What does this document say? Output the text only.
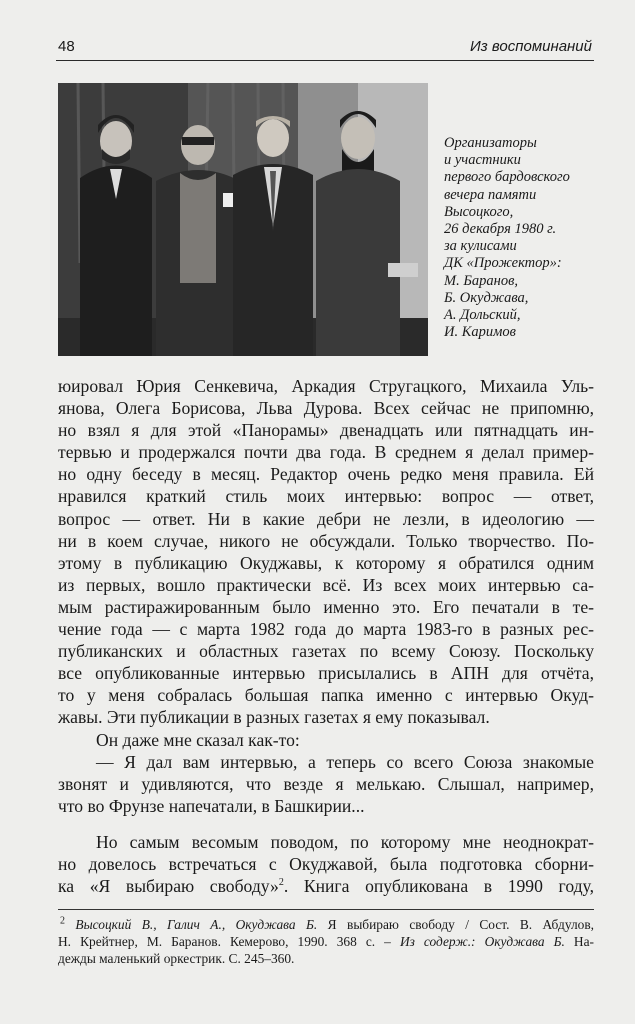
48	Из воспоминаний
Организаторы
и участники
первого бардовского
вечера памяти
Высоцкого,
26 декабря 1980 г.
за кулисами
ДК «Прожектор»:
М. Баранов,
Б. Окуджава,
А. Дольский,
И. Каримов
юировал Юрия Сенкевича, Аркадия Стругацкого, Михаила Уль-
янова, Олега Борисова, Льва Дурова. Всех сейчас не припомню,
но взял я для этой «Панорамы» двенадцать или пятнадцать ин-
тервью и продержался почти два года. В среднем я делал пример-
но одну беседу в месяц. Редактор очень редко меня правила. Ей
нравился краткий стиль моих интервью: вопрос — ответ,
вопрос — ответ. Ни в какие дебри не лезли, в идеологию —
ни в коем случае, никого не обсуждали. Только творчество. По-
этому в публикацию Окуджавы, к которому я обратился одним
из первых, вошло практически всё. Из всех моих интервью са-
мым растиражированным было именно это. Его печатали в те-
чение года — с марта 1982 года до марта 1983-го в разных рес-
публиканских и областных газетах по всему Союзу. Поскольку
все опубликованные интервью присылались в АПН для отчёта,
то у меня собралась большая папка именно с интервью Окуд-
жавы. Эти публикации в разных газетах я ему показывал.
Он даже мне сказал как-то:
— Я дал вам интервью, а теперь со всего Союза знакомые
звонят и удивляются, что везде я мелькаю. Слышал, например,
что во Фрунзе напечатали, в Башкирии...
Но самым весомым поводом, по которому мне неоднократ-
но довелось встречаться с Окуджавой, была подготовка сборни-
ка «Я выбираю свободу»$^2$. Книга опубликована в 1990 году,
$^2$ Высоцкий В., Галич А., Окуджава Б. Я выбираю свободу / Сост. В. Абдулов,
Н. Крейтнер, М. Баранов. Кемерово, 1990. 368 с. – Из содерж.: Окуджава Б. На-
дежды маленький оркестрик. С. 245–360.
